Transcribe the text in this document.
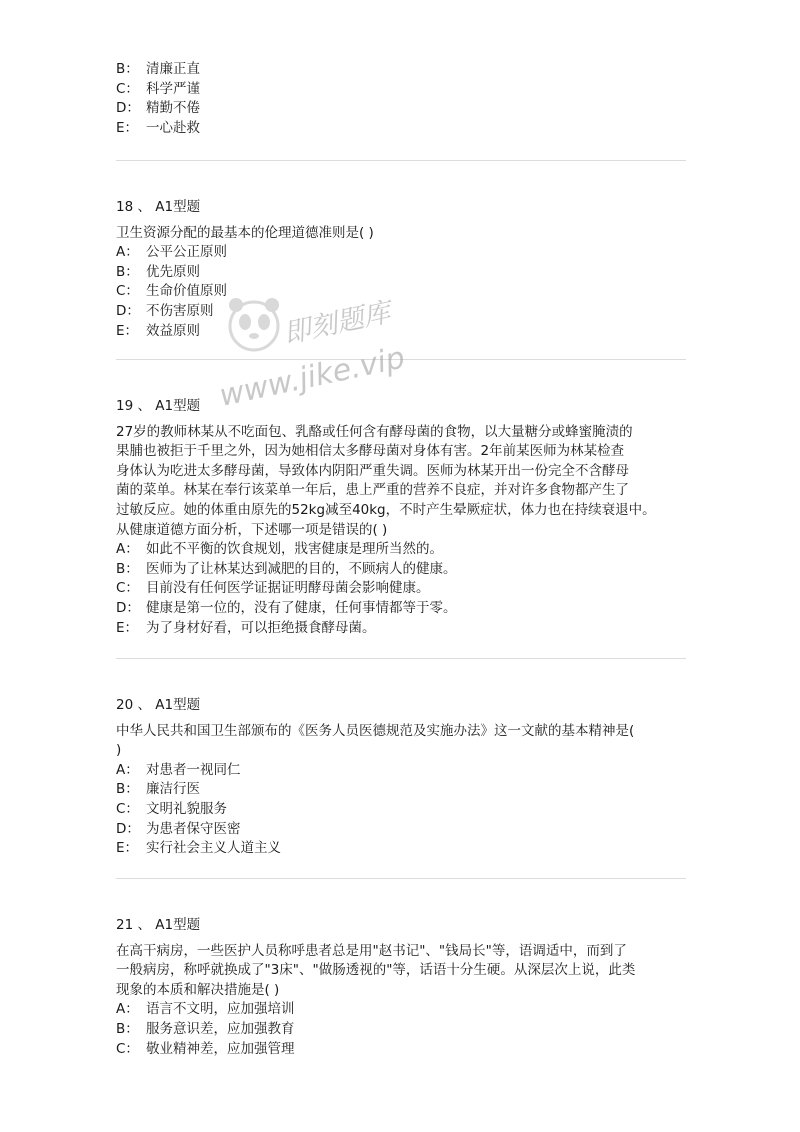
B： 清廉正直
C： 科学严谨
D： 精勤不倦
E： 一心赴救
18 、 A1型题
卫生资源分配的最基本的伦理道德准则是( )
A： 公平公正原则
B： 优先原则
C： 生命价值原则
D： 不伤害原则
E： 效益原则
19 、 A1型题
27岁的教师林某从不吃面包、乳酪或任何含有酵母菌的食物，以大量糖分或蜂蜜腌渍的
果脯也被拒于千里之外，因为她相信太多酵母菌对身体有害。2年前某医师为林某检查
身体认为吃进太多酵母菌，导致体内阴阳严重失调。医师为林某开出一份完全不含酵母
菌的菜单。林某在奉行该菜单一年后，患上严重的营养不良症，并对许多食物都产生了
过敏反应。她的体重由原先的52kg减至40kg，不时产生晕厥症状，体力也在持续衰退中。
从健康道德方面分析，下述哪一项是错误的( )
A： 如此不平衡的饮食规划，戕害健康是理所当然的。
B： 医师为了让林某达到减肥的目的，不顾病人的健康。
C： 目前没有任何医学证据证明酵母菌会影响健康。
D： 健康是第一位的，没有了健康，任何事情都等于零。
E： 为了身材好看，可以拒绝摄食酵母菌。
20 、 A1型题
中华人民共和国卫生部颁布的《医务人员医德规范及实施办法》这一文献的基本精神是(
)
A： 对患者一视同仁
B： 廉洁行医
C： 文明礼貌服务
D： 为患者保守医密
E： 实行社会主义人道主义
21 、 A1型题
在高干病房，一些医护人员称呼患者总是用"赵书记"、"钱局长"等，语调适中，而到了
一般病房，称呼就换成了"3床"、"做肠透视的"等，话语十分生硬。从深层次上说，此类
现象的本质和解决措施是( )
A： 语言不文明，应加强培训
B： 服务意识差，应加强教育
C： 敬业精神差，应加强管理
即刻题库
www.jike.vip
